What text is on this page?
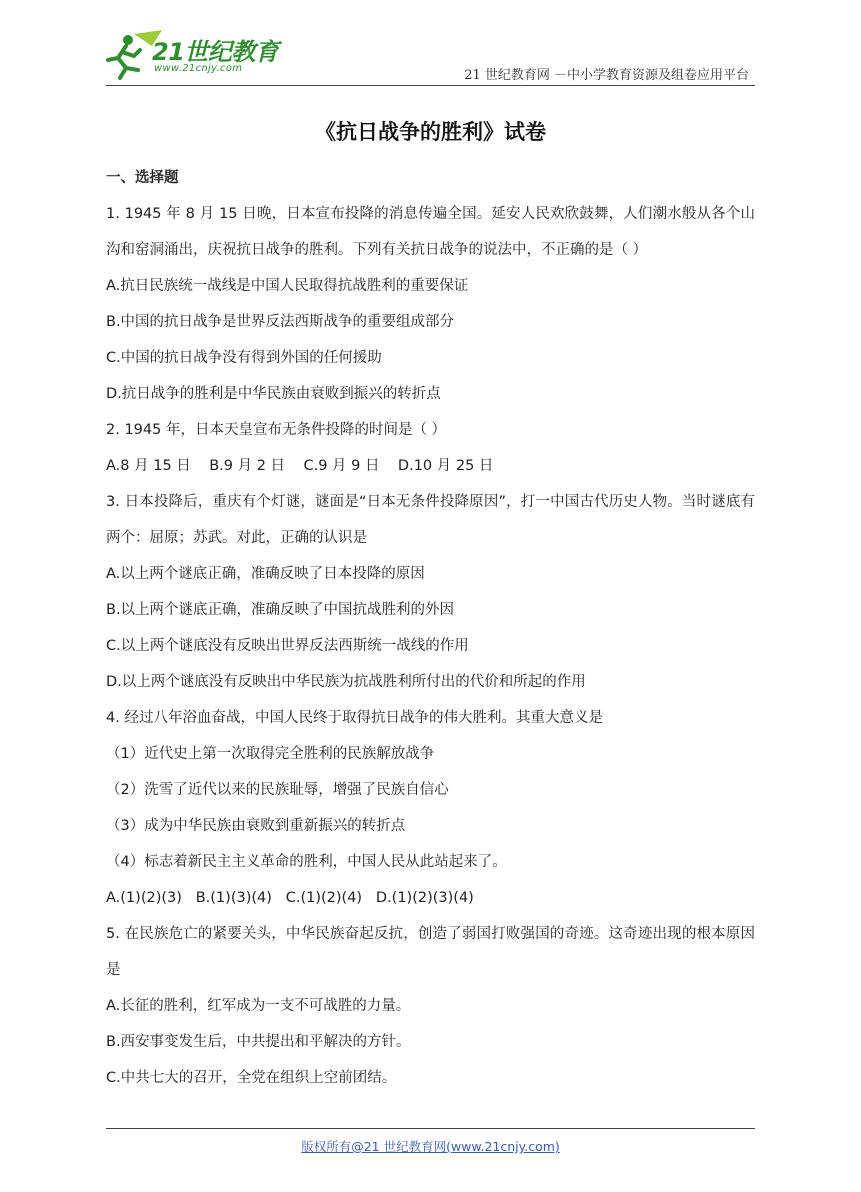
21世纪教育
www.21cnjy.com	21 世纪教育网 －中小学教育资源及组卷应用平台
《抗日战争的胜利》试卷
一、选择题
1. 1945 年 8 月 15 日晚，日本宣布投降的消息传遍全国。延安人民欢欣鼓舞，人们潮水般从各个山沟和窑洞涌出，庆祝抗日战争的胜利。下列有关抗日战争的说法中，不正确的是（ ）
A.抗日民族统一战线是中国人民取得抗战胜利的重要保证
B.中国的抗日战争是世界反法西斯战争的重要组成部分
C.中国的抗日战争没有得到外国的任何援助
D.抗日战争的胜利是中华民族由衰败到振兴的转折点
2. 1945 年，日本天皇宣布无条件投降的时间是（ ）
A.8 月 15 日    B.9 月 2 日    C.9 月 9 日    D.10 月 25 日
3. 日本投降后，重庆有个灯谜，谜面是“日本无条件投降原因”，打一中国古代历史人物。当时谜底有两个：屈原；苏武。对此，正确的认识是
A.以上两个谜底正确，准确反映了日本投降的原因
B.以上两个谜底正确，准确反映了中国抗战胜利的外因
C.以上两个谜底没有反映出世界反法西斯统一战线的作用
D.以上两个谜底没有反映出中华民族为抗战胜利所付出的代价和所起的作用
4. 经过八年浴血奋战，中国人民终于取得抗日战争的伟大胜利。其重大意义是
（1）近代史上第一次取得完全胜利的民族解放战争
（2）洗雪了近代以来的民族耻辱，增强了民族自信心
（3）成为中华民族由衰败到重新振兴的转折点
（4）标志着新民主主义革命的胜利，中国人民从此站起来了。
A.(1)(2)(3)   B.(1)(3)(4)   C.(1)(2)(4)   D.(1)(2)(3)(4)
5. 在民族危亡的紧要关头，中华民族奋起反抗，创造了弱国打败强国的奇迹。这奇迹出现的根本原因是
A.长征的胜利，红军成为一支不可战胜的力量。
B.西安事变发生后，中共提出和平解决的方针。
C.中共七大的召开，全党在组织上空前团结。
版权所有@21 世纪教育网(www.21cnjy.com)
